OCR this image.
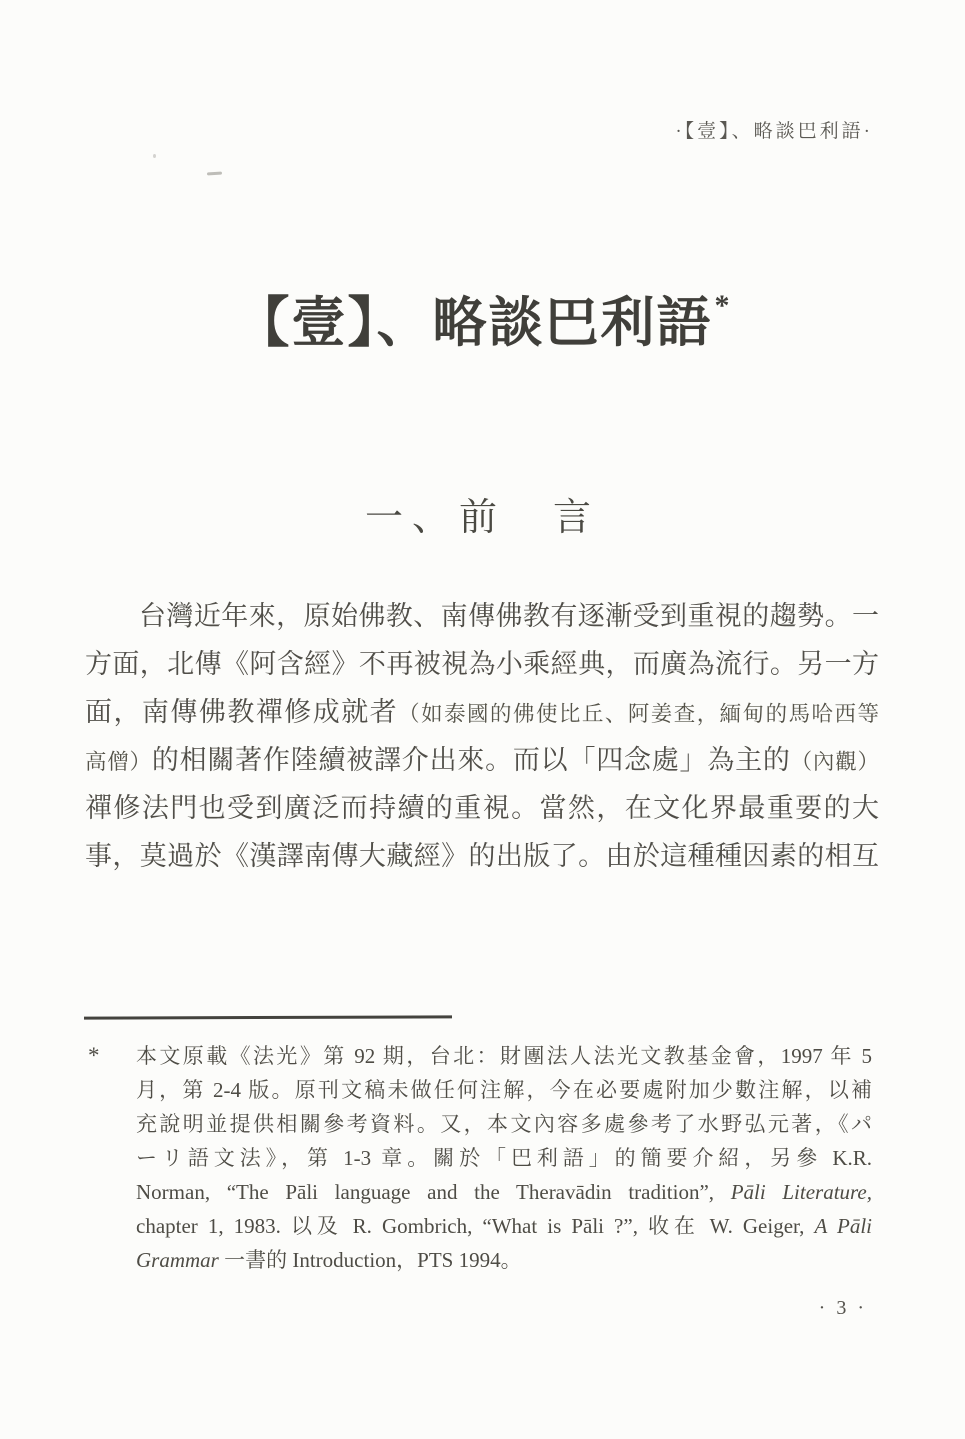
·【壹】、略談巴利語·
【壹】、略談巴利語*
一、前　言
台灣近年來，原始佛教、南傳佛教有逐漸受到重視的趨勢。一
方面，北傳《阿含經》不再被視為小乘經典，而廣為流行。另一方
面，南傳佛教禪修成就者（如泰國的佛使比丘、阿姜查，緬甸的馬哈西等
高僧）的相關著作陸續被譯介出來。而以「四念處」為主的（內觀）
禪修法門也受到廣泛而持續的重視。當然，在文化界最重要的大
事，莫過於《漢譯南傳大藏經》的出版了。由於這種種因素的相互
* 本文原載《法光》第 92 期，台北：財團法人法光文教基金會，1997 年 5
月，第 2-4 版。原刊文稿未做任何注解，今在必要處附加少數注解，以補
充說明並提供相關參考資料。又，本文內容多處參考了水野弘元著，《パ
ーリ語文法》，第 1-3 章。關於「巴利語」的簡要介紹，另參 K.R.
Norman, “The Pāli language and the Theravādin tradition”, Pāli Literature,
chapter 1, 1983. 以及 R. Gombrich, “What is Pāli ?”, 收在 W. Geiger, A Pāli
Grammar 一書的 Introduction，PTS 1994。
· 3 ·
